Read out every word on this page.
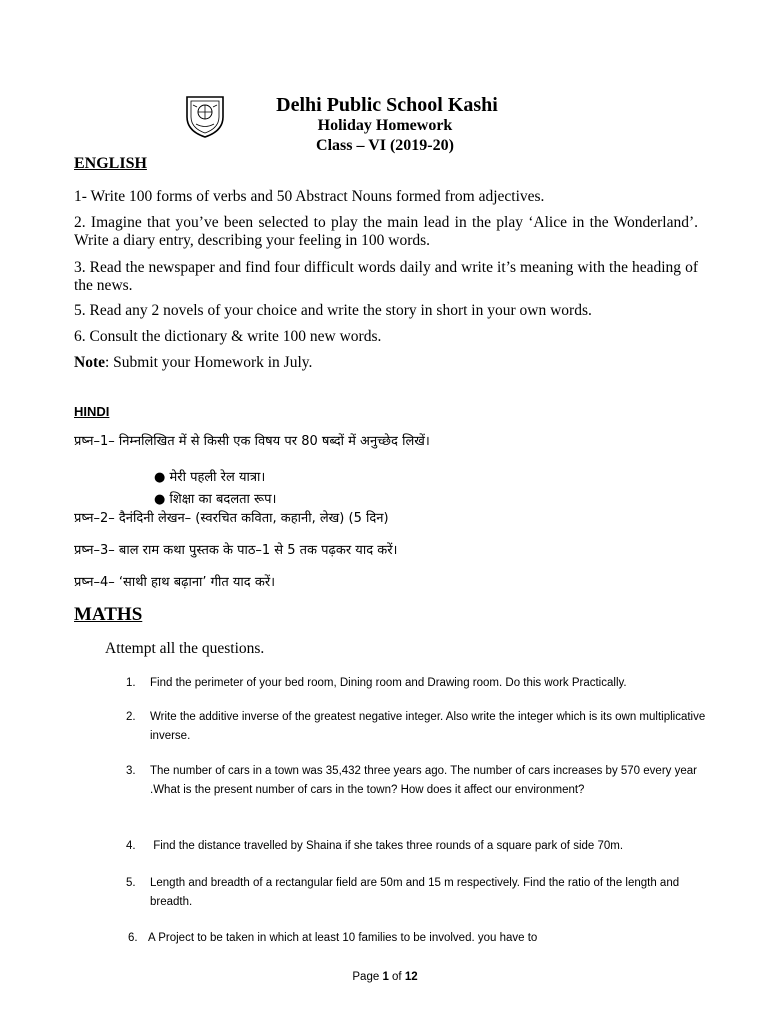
Delhi Public School Kashi
Holiday Homework
Class – VI (2019-20)
ENGLISH
1- Write 100 forms of verbs and 50 Abstract Nouns formed from adjectives.
2. Imagine that you’ve been selected to play the main lead in the play ‘Alice in the Wonderland’. Write a diary entry, describing your feeling in 100 words.
3. Read the newspaper and find four difficult words daily and write it’s meaning with the heading of the news.
5. Read any 2 novels of your choice and write the story in short in your own words.
6. Consult the dictionary & write 100 new words.
Note: Submit your Homework in July.
HINDI
प्रष्न–1– निम्नलिखित में से किसी एक विषय पर 80 षब्दों में अनुच्छेद लिखें।
● मेरी पहली रेल यात्रा।
● शिक्षा का बदलता रूप।
प्रष्न–2– दैनंदिनी लेखन– (स्वरचित कविता, कहानी, लेख) (5 दिन)
प्रष्न–3– बाल राम कथा पुस्तक के पाठ–1 से 5 तक पढ़कर याद करें।
प्रष्न–4– ‘साथी हाथ बढ़ाना’ गीत याद करें।
MATHS
Attempt all the questions.
1. Find the perimeter of your bed room, Dining room and Drawing room. Do this work Practically.
2. Write the additive inverse of the greatest negative integer. Also write the integer which is its own multiplicative inverse.
3. The number of cars in a town was 35,432 three years ago. The number of cars increases by 570 every year .What is the present number of cars in the town? How does it affect our environment?
4. Find the distance travelled by Shaina if she takes three rounds of a square park of side 70m.
5. Length and breadth of a rectangular field are 50m and 15 m respectively. Find the ratio of the length and breadth.
6. A Project to be taken in which at least 10 families to be involved. you have to
Page 1 of 12
